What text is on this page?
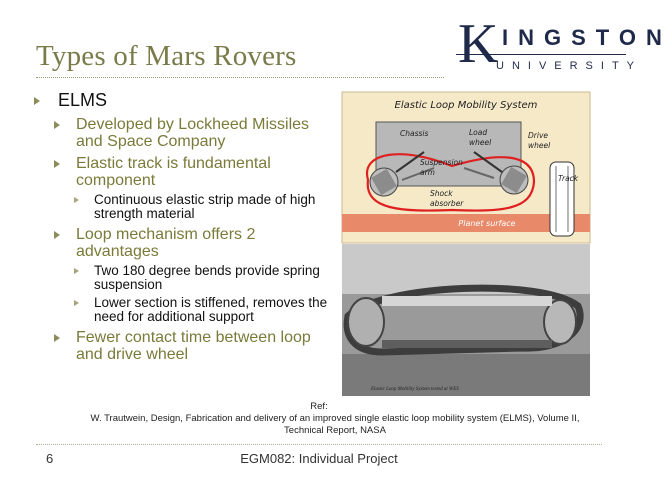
Types of Mars Rovers	K INGSTON
UNIVERSITY
ELMS
Developed by Lockheed Missiles and Space Company
Elastic track is fundamental component
Continuous elastic strip made of high strength material
Loop mechanism offers 2 advantages
Two 180 degree bends provide spring suspension
Lower section is stiffened, removes the need for additional support
Fewer contact time between loop and drive wheel
Elastic Loop Mobility System
Planet surface
Chassis	Load
wheel
Drive
wheel
Suspension
arm
Shock
absorber
Track
Elastic Loop Mobility System tested at WES
Ref:
W. Trautwein, Design, Fabrication and delivery of an improved single elastic loop mobility system (ELMS), Volume II, Technical Report, NASA
6	EGM082: Individual Project
